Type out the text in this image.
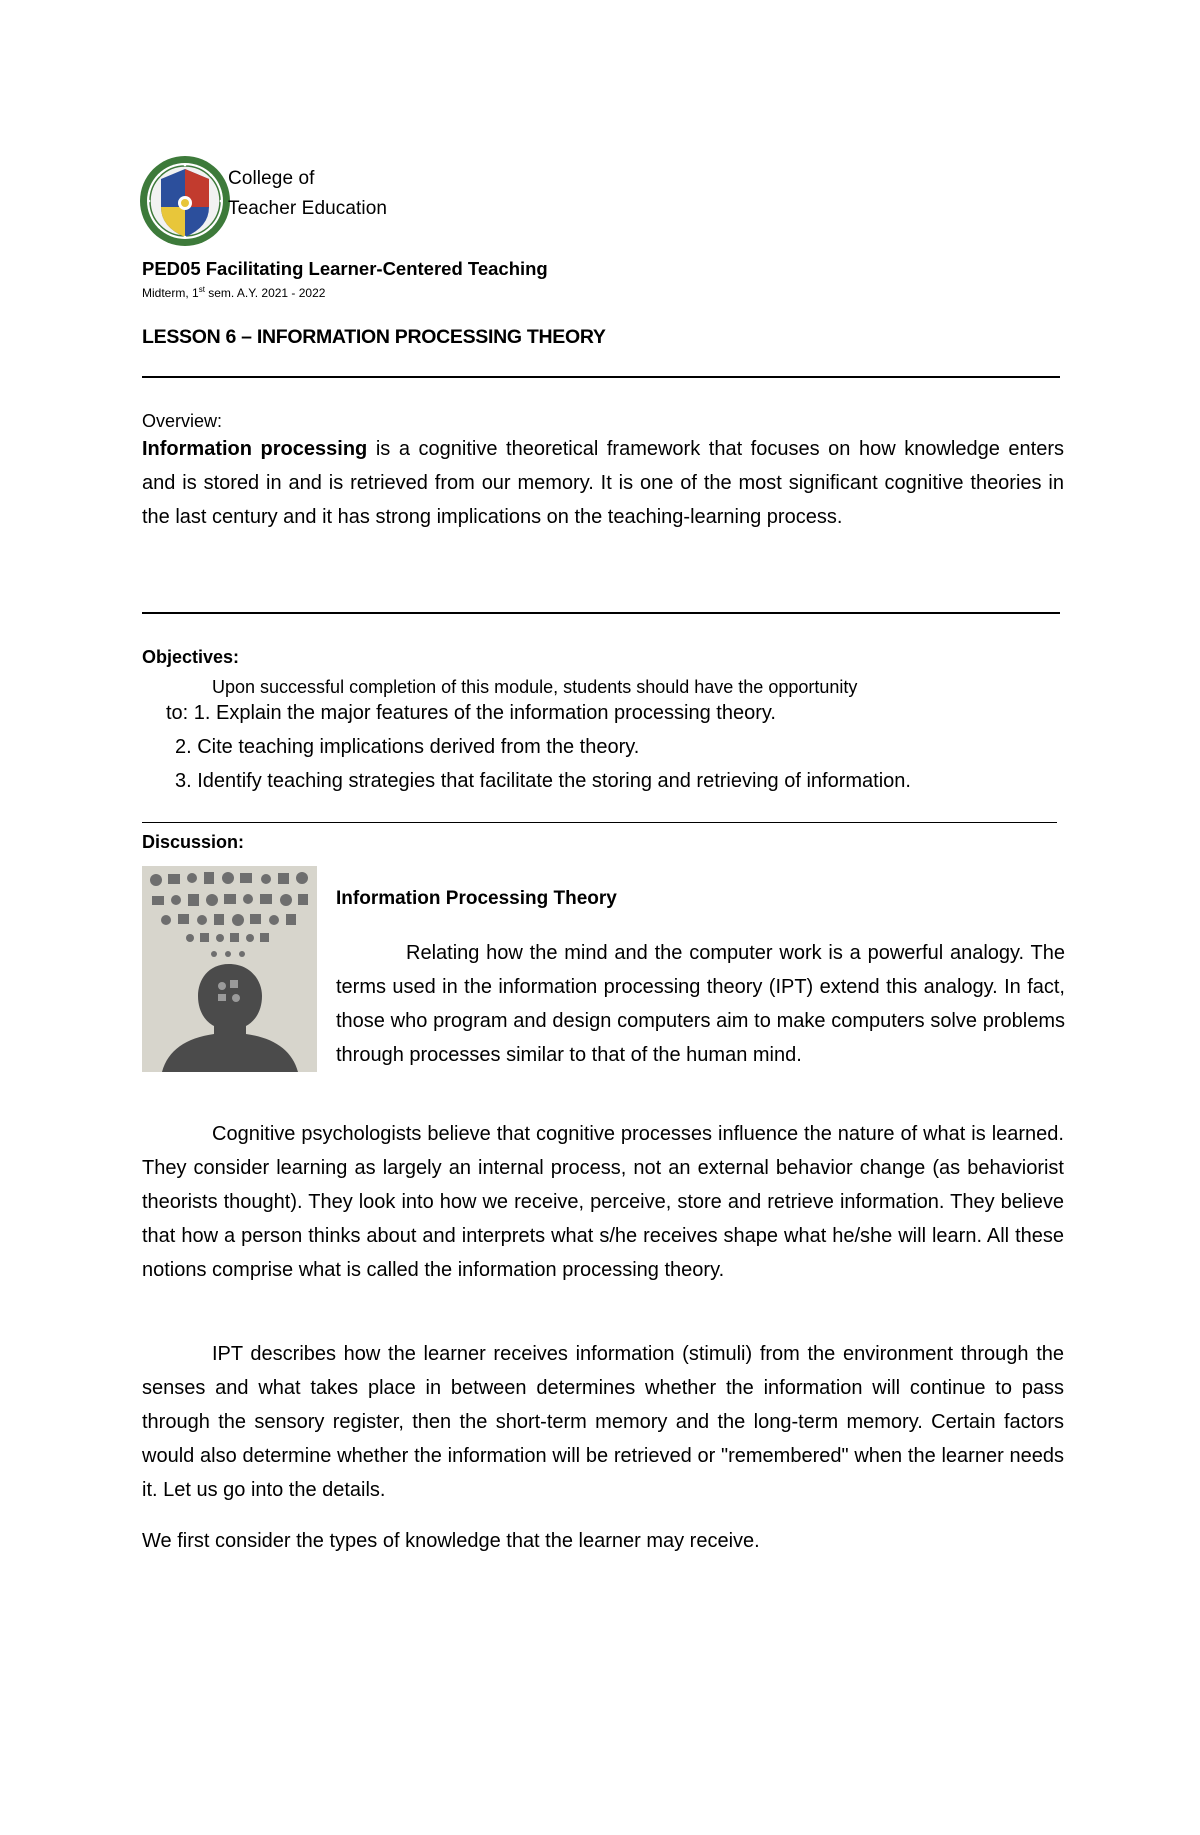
College of
Teacher Education
PED05 Facilitating Learner-Centered Teaching
Midterm, 1st sem. A.Y. 2021 - 2022
LESSON 6 – INFORMATION PROCESSING THEORY
Overview:
Information processing is a cognitive theoretical framework that focuses on how knowledge enters and is stored in and is retrieved from our memory. It is one of the most significant cognitive theories in the last century and it has strong implications on the teaching-learning process.
Objectives:
Upon successful completion of this module, students should have the opportunity
to: 1. Explain the major features of the information processing theory.
2. Cite teaching implications derived from the theory.
3. Identify teaching strategies that facilitate the storing and retrieving of information.
Discussion:
Information Processing Theory
Relating how the mind and the computer work is a powerful analogy. The terms used in the information processing theory (IPT) extend this analogy. In fact, those who program and design computers aim to make computers solve problems through processes similar to that of the human mind.
Cognitive psychologists believe that cognitive processes influence the nature of what is learned. They consider learning as largely an internal process, not an external behavior change (as behaviorist theorists thought). They look into how we receive, perceive, store and retrieve information. They believe that how a person thinks about and interprets what s/he receives shape what he/she will learn. All these notions comprise what is called the information processing theory.
IPT describes how the learner receives information (stimuli) from the environment through the senses and what takes place in between determines whether the information will continue to pass through the sensory register, then the short-term memory and the long-term memory. Certain factors would also determine whether the information will be retrieved or "remembered" when the learner needs it. Let us go into the details.
We first consider the types of knowledge that the learner may receive.
